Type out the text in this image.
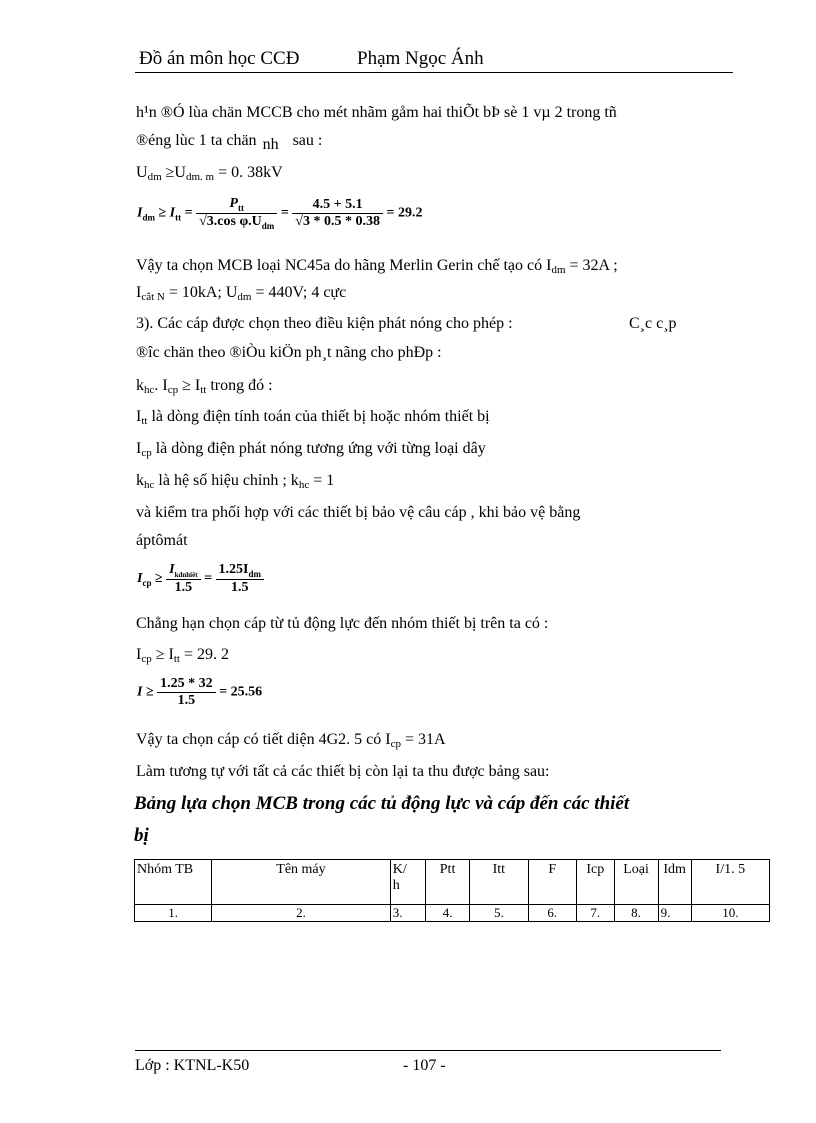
Đồ án môn học CCĐ	Phạm Ngọc Ánh
h¹n ®Ó lùa chän MCCB cho mét nhãm gåm hai thiÕt bÞ sè 1 vµ 2 trong tñ
®éng lùc 1 ta chän nh sau :
$U_{dm} \ge U_{dm. m} = 0$. 38kV
$I_{dm} \ge I_{tt} = \frac{P_{tt}}{√3.\cos \varphi.U_{dm}} = \frac{4.5 + 5.1}{√3 * 0.5 * 0.38} = 29.2$
Vậy ta chọn MCB loại NC45a do hãng Merlin Gerin chế tạo có $I_{dm} = 32A$ ;
$I_{cắt N} = 10kA$; $U_{dm} = 440V$; 4 cực
3). Các cáp được chọn theo điều kiện phát nóng cho phép :	C¸c c¸p
®îc chän theo ®iÒu kiÖn ph¸t nãng cho phÐp :
$k_{hc}$. $I_{cp} \ge I_{tt}$ trong đó :
$I_{tt}$ là dòng điện tính toán của thiết bị hoặc nhóm thiết bị
$I_{cp}$ là dòng điện phát nóng tương ứng với từng loại dây
$k_{hc}$ là hệ số hiệu chỉnh ; $k_{hc} = 1$
và kiểm tra phối hợp với các thiết bị bảo vệ câu cáp , khi bảo vệ bằng
áptômát
$I_{cp} \ge \frac{I_{kdnhiêt}}{1.5} = \frac{1.25I_{dm}}{1.5}$
Chẳng hạn chọn cáp từ tủ động lực đến nhóm thiết bị trên ta có :
$I_{cp} \ge I_{tt} = 29$. 2
$I \ge \frac{1.25 * 32}{1.5} = 25.56$
Vậy ta chọn cáp có tiết diện 4G2. 5 có $I_{cp} = 31A$
Làm tương tự với tất cả các thiết bị còn lại ta thu được bảng sau:
Bảng lựa chọn MCB trong các tủ động lực và cáp đến các thiết
bị
Nhóm TB	Tên máy	K/h	Ptt	Itt	F	Icp	Loại	Idm	I/1. 5
1.	2.	3.	4.	5.	6.	7.	8.	9.	10.
Lớp : KTNL-K50	- 107 -
